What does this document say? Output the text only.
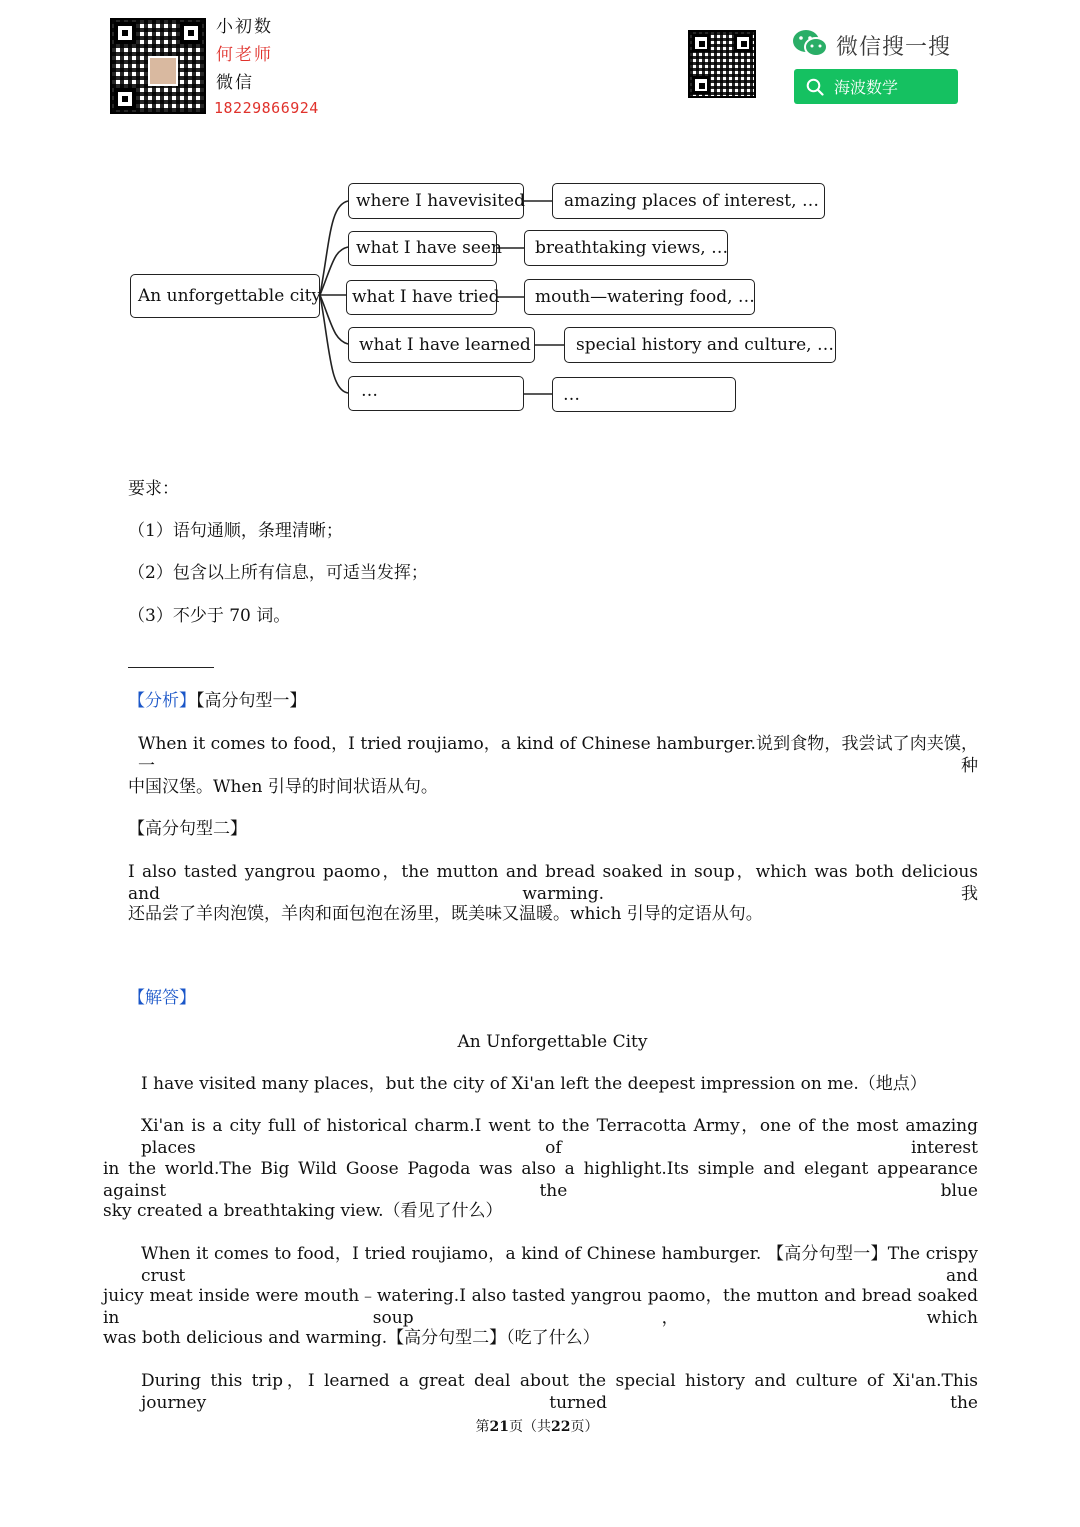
小初数
何老师
微信
18229866924
微信搜一搜
海波数学
An unforgettable city
where I havevisited
what I have seen
what I have tried
what I have learned
…
amazing places of interest, …
breathtaking views, …
mouth—watering food, …
special history and culture, …
…
要求：
（1）语句通顺，条理清晰；
（2）包含以上所有信息，可适当发挥；
（3）不少于 70 词。
【分析】【高分句型一】
When it comes to food，I tried roujiamo，a kind of Chinese hamburger.说到食物，我尝试了肉夹馍，一种
中国汉堡。When 引导的时间状语从句。
【高分句型二】
I also tasted yangrou paomo，the mutton and bread soaked in soup，which was both delicious and warming.我
还品尝了羊肉泡馍，羊肉和面包泡在汤里，既美味又温暖。which 引导的定语从句。
【解答】
An Unforgettable City
I have visited many places，but the city of Xi'an left the deepest impression on me.（地点）
Xi'an is a city full of historical charm.I went to the Terracotta Army，one of the most amazing places of interest
in the world.The Big Wild Goose Pagoda was also a highlight.Its simple and elegant appearance against the blue
sky created a breathtaking view.（看见了什么）
When it comes to food，I tried roujiamo，a kind of Chinese hamburger. 【高分句型一】The crispy crust and
juicy meat inside were mouth﹣watering.I also tasted yangrou paomo，the mutton and bread soaked in soup，which
was both delicious and warming.【高分句型二】（吃了什么）
During this trip，I learned a great deal about the special history and culture of Xi'an.This journey turned the
第21页（共22页）
